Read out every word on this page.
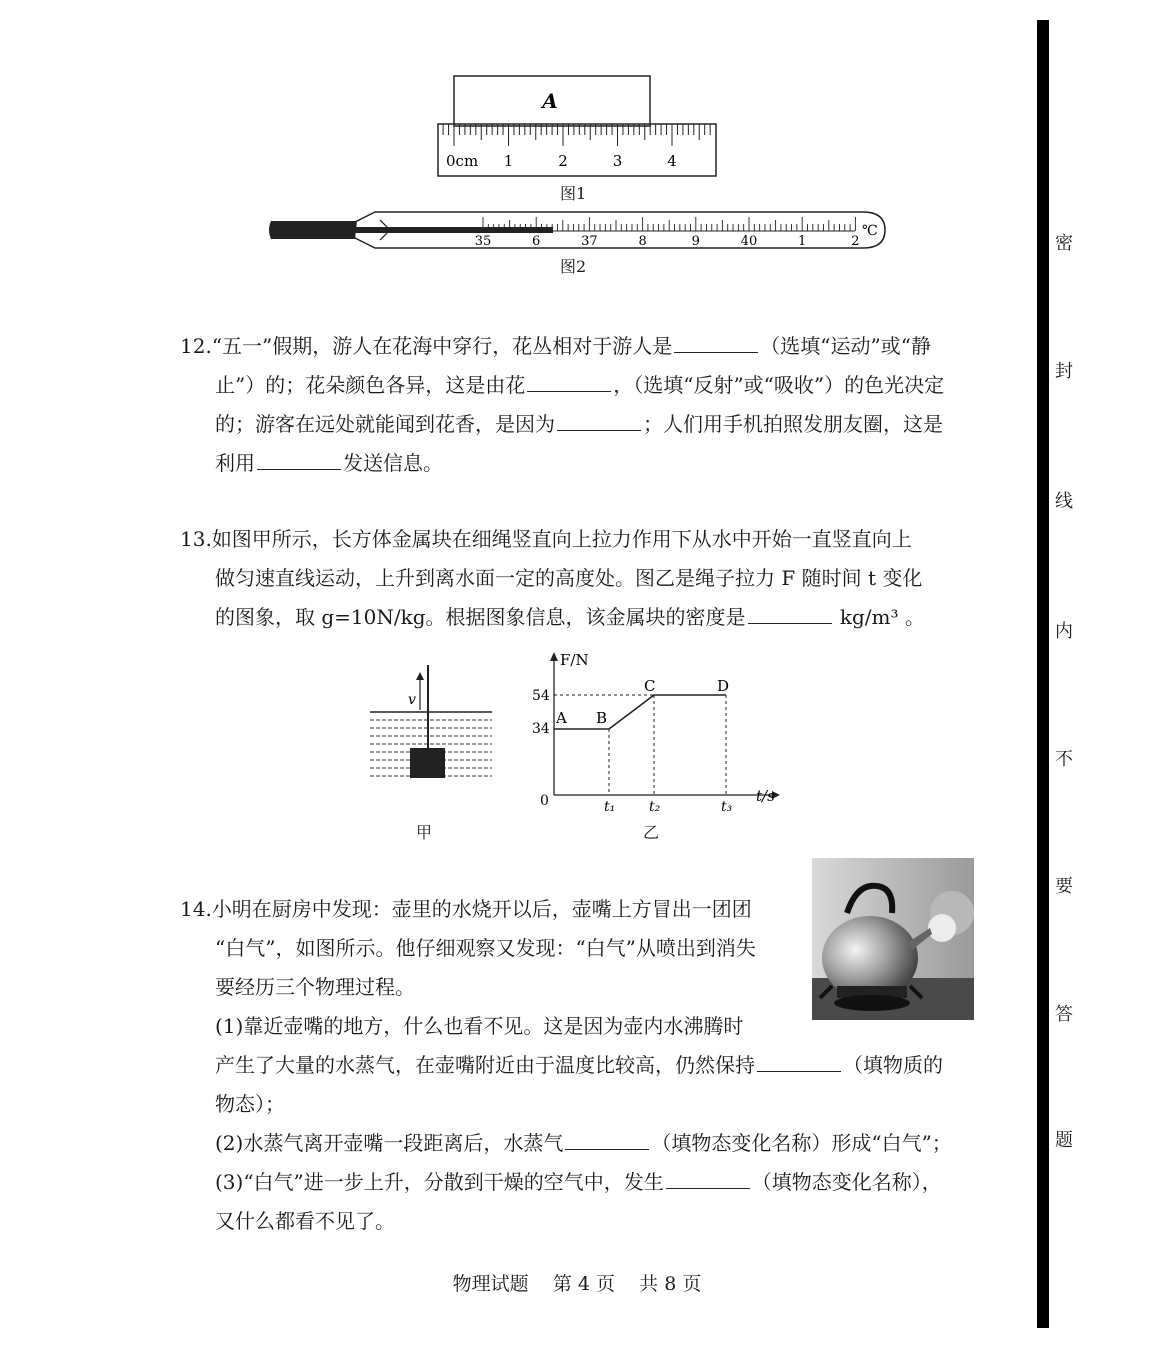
A
0cm 1	2	3	4
图1
35	6	37	8	9	40	1	2
℃
图2
12.“五一”假期，游人在花海中穿行，花丛相对于游人是	（选填“运动”或“静
止”）的；花朵颜色各异，这是由花	，（选填“反射”或“吸收”）的色光决定
的；游客在远处就能闻到花香，是因为	；人们用手机拍照发朋友圈，这是
利用	发送信息。
13.如图甲所示，长方体金属块在细绳竖直向上拉力作用下从水中开始一直竖直向上
做匀速直线运动，上升到离水面一定的高度处。图乙是绳子拉力 F 随时间 t 变化
的图象，取 g=10N/kg。根据图象信息，该金属块的密度是	kg/m³ 。
v
甲
F/N
t/s
0
54
34
A B
C	D
t₁ t₂	t₃
乙
14.小明在厨房中发现：壶里的水烧开以后，壶嘴上方冒出一团团
“白气”，如图所示。他仔细观察又发现：“白气”从喷出到消失
要经历三个物理过程。
(1)靠近壶嘴的地方，什么也看不见。这是因为壶内水沸腾时
产生了大量的水蒸气，在壶嘴附近由于温度比较高，仍然保持	（填物质的
物态）；
(2)水蒸气离开壶嘴一段距离后，水蒸气	（填物态变化名称）形成“白气”；
(3)“白气”进一步上升，分散到干燥的空气中，发生	（填物态变化名称），
又什么都看不见了。
物理试题 第 4 页 共 8 页
密
封
线
内
不
要
答
题
